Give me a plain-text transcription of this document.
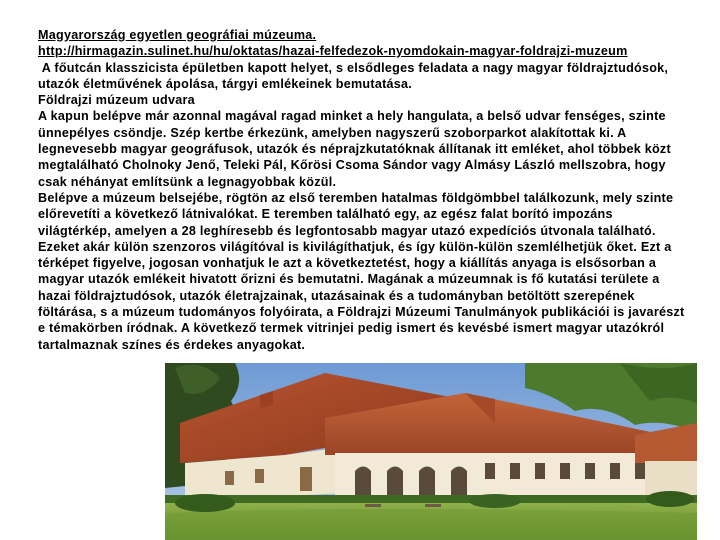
Magyarország egyetlen geográfiai múzeuma.

http://hirmagazin.sulinet.hu/hu/oktatas/hazai-felfedezok-nyomdokain-magyar-foldrajzi-muzeum

A főutcán klasszicista épületben kapott helyet, s elsődleges feladata a nagy magyar földrajztudósok, utazók életművének ápolása, tárgyi emlékeinek bemutatása.

Földrajzi múzeum udvara

A kapun belépve már azonnal magával ragad minket a hely hangulata, a belső udvar fenséges, szinte ünnepélyes csöndje. Szép kertbe érkezünk, amelyben nagyszerű szoborparkot alakítottak ki. A legnevesebb magyar geográfusok, utazók és néprajzkutatóknak állítanak itt emléket, ahol többek közt megtalálható Cholnoky Jenő, Teleki Pál, Kőrösi Csoma Sándor vagy Almásy László mellszobra, hogy csak néhányat említsünk a legnagyobbak közül.

Belépve a múzeum belsejébe, rögtön az első teremben hatalmas földgömbbel találkozunk, mely szinte előrevetíti a következő látnivalókat. E teremben található egy, az egész falat borító impozáns világtérkép, amelyen a 28 leghíresebb és legfontosabb magyar utazó expedíciós útvonala található. Ezeket akár külön szenzoros világítóval is kivilágíthatjuk, és így külön-külön szemlélhetjük őket. Ezt a térképet figyelve, jogosan vonhatjuk le azt a következtetést, hogy a kiállítás anyaga is elsősorban a magyar utazók emlékeit hivatott őrizni és bemutatni. Magának a múzeumnak is fő kutatási területe a hazai földrajztudósok, utazók életrajzainak, utazásainak és a tudományban betöltött szerepének föltárása, s a múzeum tudományos folyóirata, a Földrajzi Múzeumi Tanulmányok publikációi is javarészt e témakörben íródnak. A következő termek vitrinjei pedig ismert és kevésbé ismert magyar utazókról tartalmaznak színes és érdekes anyagokat.
